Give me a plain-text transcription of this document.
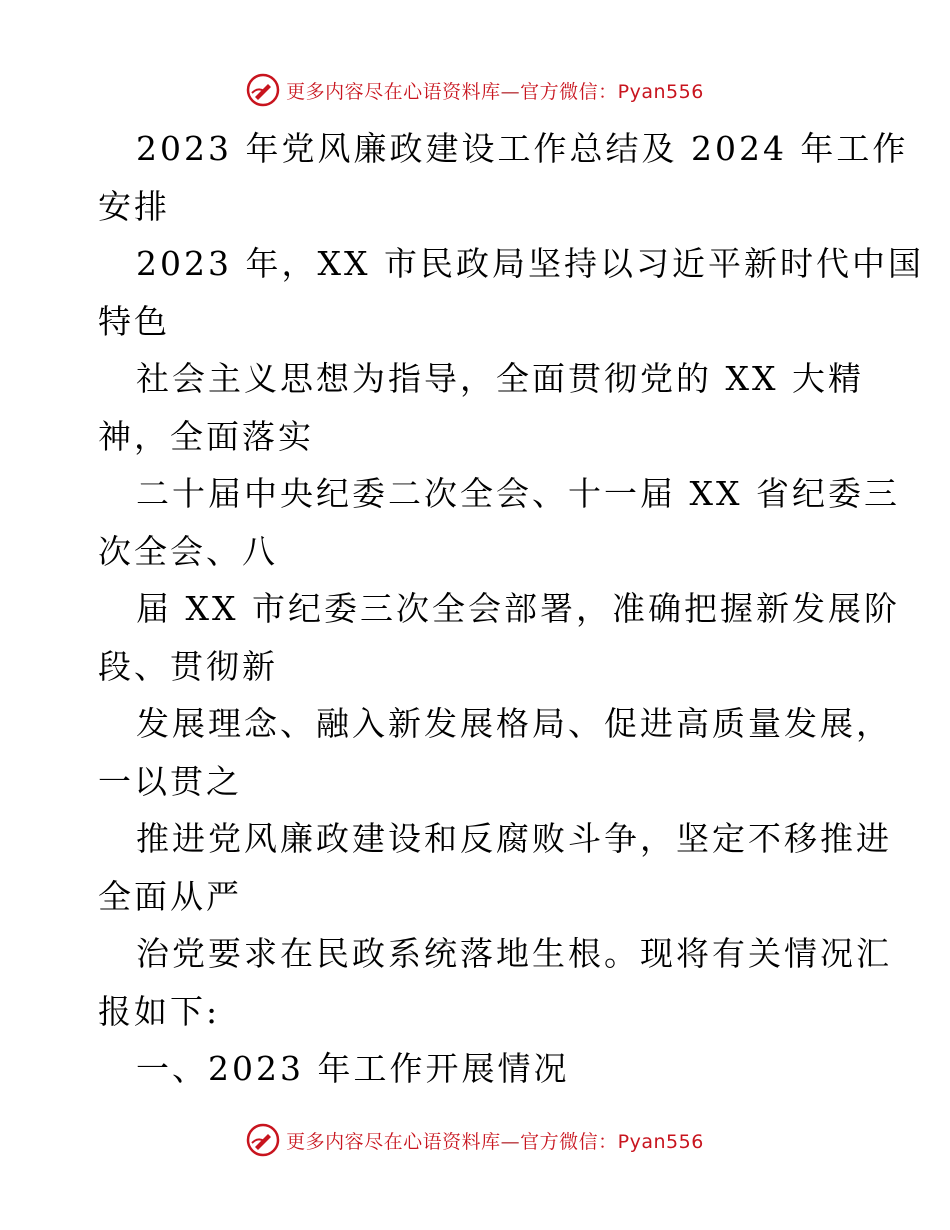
更多内容尽在心语资料库—官方微信：Pyan556
2023 年党风廉政建设工作总结及 2024 年工作
安排
2023 年，XX 市民政局坚持以习近平新时代中国
特色
社会主义思想为指导，全面贯彻党的 XX 大精
神，全面落实
二十届中央纪委二次全会、十一届 XX 省纪委三
次全会、八
届 XX 市纪委三次全会部署，准确把握新发展阶
段、贯彻新
发展理念、融入新发展格局、促进高质量发展，
一以贯之
推进党风廉政建设和反腐败斗争，坚定不移推进
全面从严
治党要求在民政系统落地生根。现将有关情况汇
报如下:
一、2023 年工作开展情况
更多内容尽在心语资料库—官方微信：Pyan556
